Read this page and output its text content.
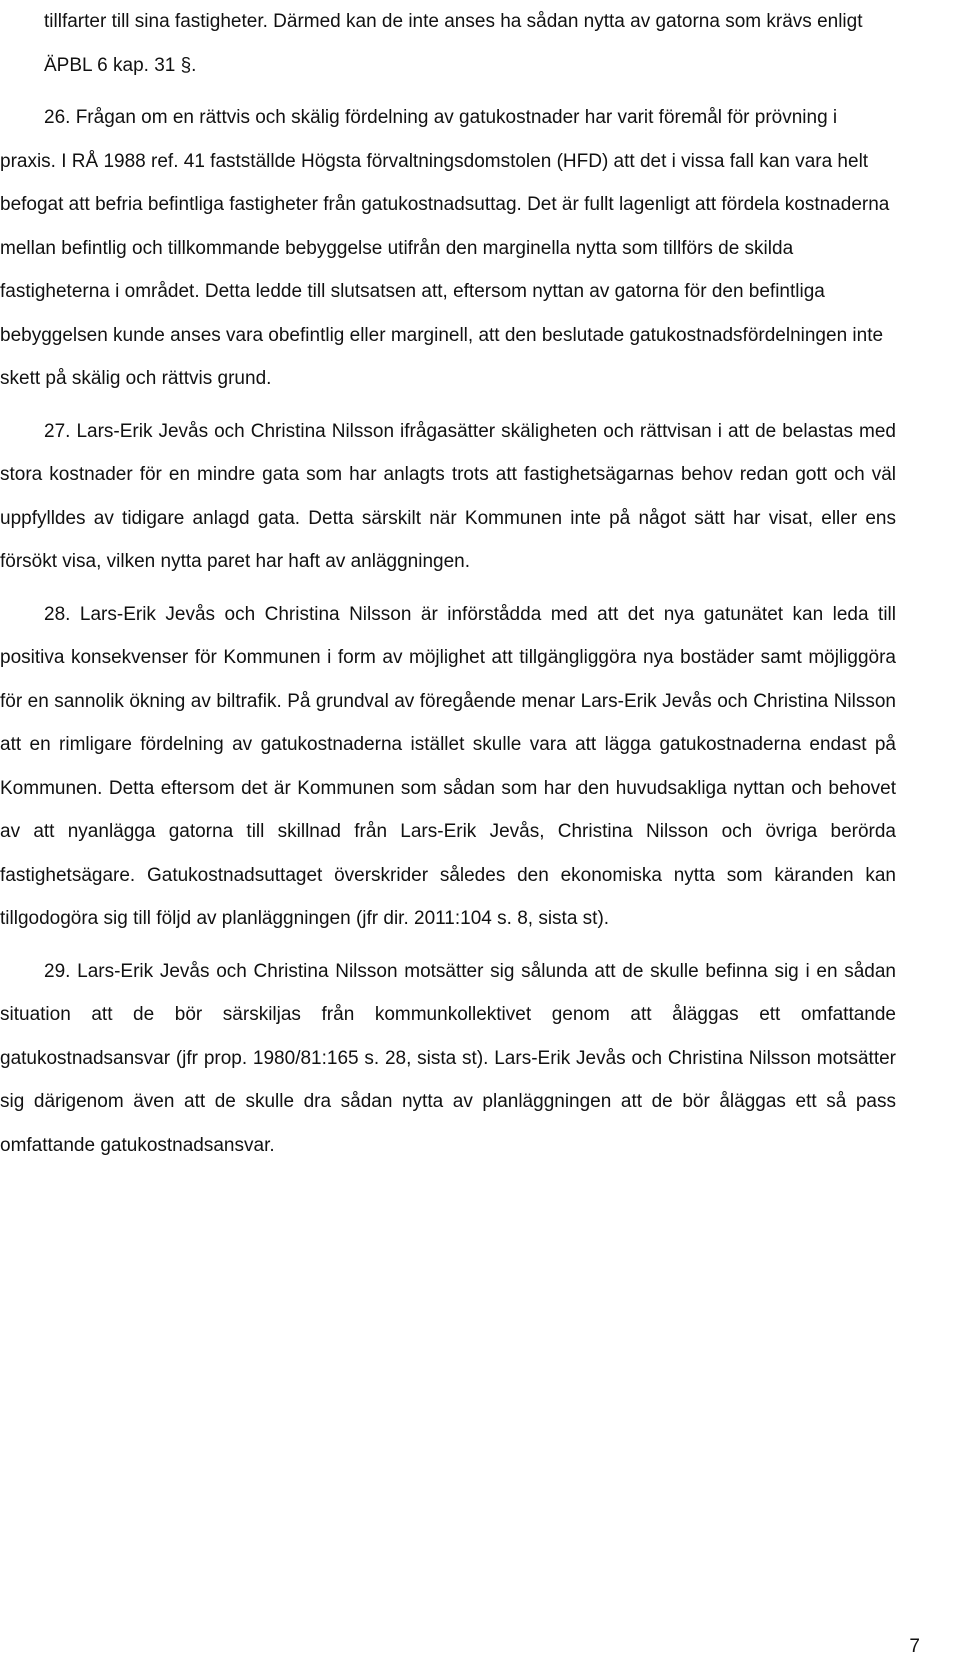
tillfarter till sina fastigheter. Därmed kan de inte anses ha sådan nytta av gatorna som krävs enligt ÄPBL 6 kap. 31 §.

26. Frågan om en rättvis och skälig fördelning av gatukostnader har varit föremål för prövning i praxis. I RÅ 1988 ref. 41 fastställde Högsta förvaltningsdomstolen (HFD) att det i vissa fall kan vara helt befogat att befria befintliga fastigheter från gatukostnadsuttag. Det är fullt lagenligt att fördela kostnaderna mellan befintlig och tillkommande bebyggelse utifrån den marginella nytta som tillförs de skilda fastigheterna i området. Detta ledde till slutsatsen att, eftersom nyttan av gatorna för den befintliga bebyggelsen kunde anses vara obefintlig eller marginell, att den beslutade gatukostnadsfördelningen inte skett på skälig och rättvis grund.

27. Lars-Erik Jevås och Christina Nilsson ifrågasätter skäligheten och rättvisan i att de belastas med stora kostnader för en mindre gata som har anlagts trots att fastighetsägarnas behov redan gott och väl uppfylldes av tidigare anlagd gata. Detta särskilt när Kommunen inte på något sätt har visat, eller ens försökt visa, vilken nytta paret har haft av anläggningen.

28. Lars-Erik Jevås och Christina Nilsson är införstådda med att det nya gatunätet kan leda till positiva konsekvenser för Kommunen i form av möjlighet att tillgängliggöra nya bostäder samt möjliggöra för en sannolik ökning av biltrafik. På grundval av föregående menar Lars-Erik Jevås och Christina Nilsson att en rimligare fördelning av gatukostnaderna istället skulle vara att lägga gatukostnaderna endast på Kommunen. Detta eftersom det är Kommunen som sådan som har den huvudsakliga nyttan och behovet av att nyanlägga gatorna till skillnad från Lars-Erik Jevås, Christina Nilsson och övriga berörda fastighetsägare. Gatukostnadsuttaget överskrider således den ekonomiska nytta som käranden kan tillgodogöra sig till följd av planläggningen (jfr dir. 2011:104 s. 8, sista st).

29. Lars-Erik Jevås och Christina Nilsson motsätter sig sålunda att de skulle befinna sig i en sådan situation att de bör särskiljas från kommunkollektivet genom att åläggas ett omfattande gatukostnadsansvar (jfr prop. 1980/81:165 s. 28, sista st). Lars-Erik Jevås och Christina Nilsson motsätter sig därigenom även att de skulle dra sådan nytta av planläggningen att de bör åläggas ett så pass omfattande gatukostnadsansvar.

7
